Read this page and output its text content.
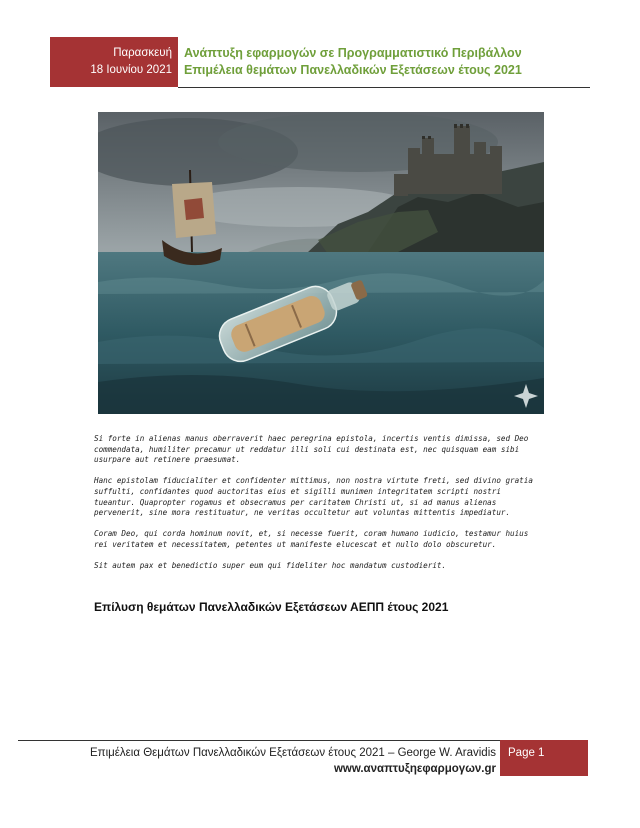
Παρασκευή
18 Ιουνίου 2021
Ανάπτυξη εφαρμογών σε Προγραμματιστικό Περιβάλλον
Επιμέλεια θεμάτων Πανελλαδικών Εξετάσεων έτους 2021

Si forte in alienas manus oberraverit haec peregrina epistola, incertis ventis dimissa, sed Deo commendata, humiliter precamur ut reddatur illi soli cui destinata est, nec quisquam eam sibi usurpare aut retinere praesumat.

Hanc epistolam fiducialiter et confidenter mittimus, non nostra virtute freti, sed divino gratia suffulti, confidantes quod auctoritas eius et sigilli munimen integritatem scripti nostri tueantur. Quapropter rogamus et obsecramus per caritatem Christi ut, si ad manus alienas pervenerit, sine mora restituatur, ne veritas occultetur aut voluntas mittentis impediatur.

Coram Deo, qui corda hominum novit, et, si necesse fuerit, coram humano iudicio, testamur huius rei veritatem et necessitatem, petentes ut manifeste elucescat et nullo dolo obscuretur.

Sit autem pax et benedictio super eum qui fideliter hoc mandatum custodierit.

Επίλυση θεμάτων Πανελλαδικών Εξετάσεων ΑΕΠΠ έτους 2021
Επιμέλεια Θεμάτων Πανελλαδικών Εξετάσεων έτους 2021 – George W. Aravidis
www.αναπτυξηεφαρμογων.gr
Page 1
